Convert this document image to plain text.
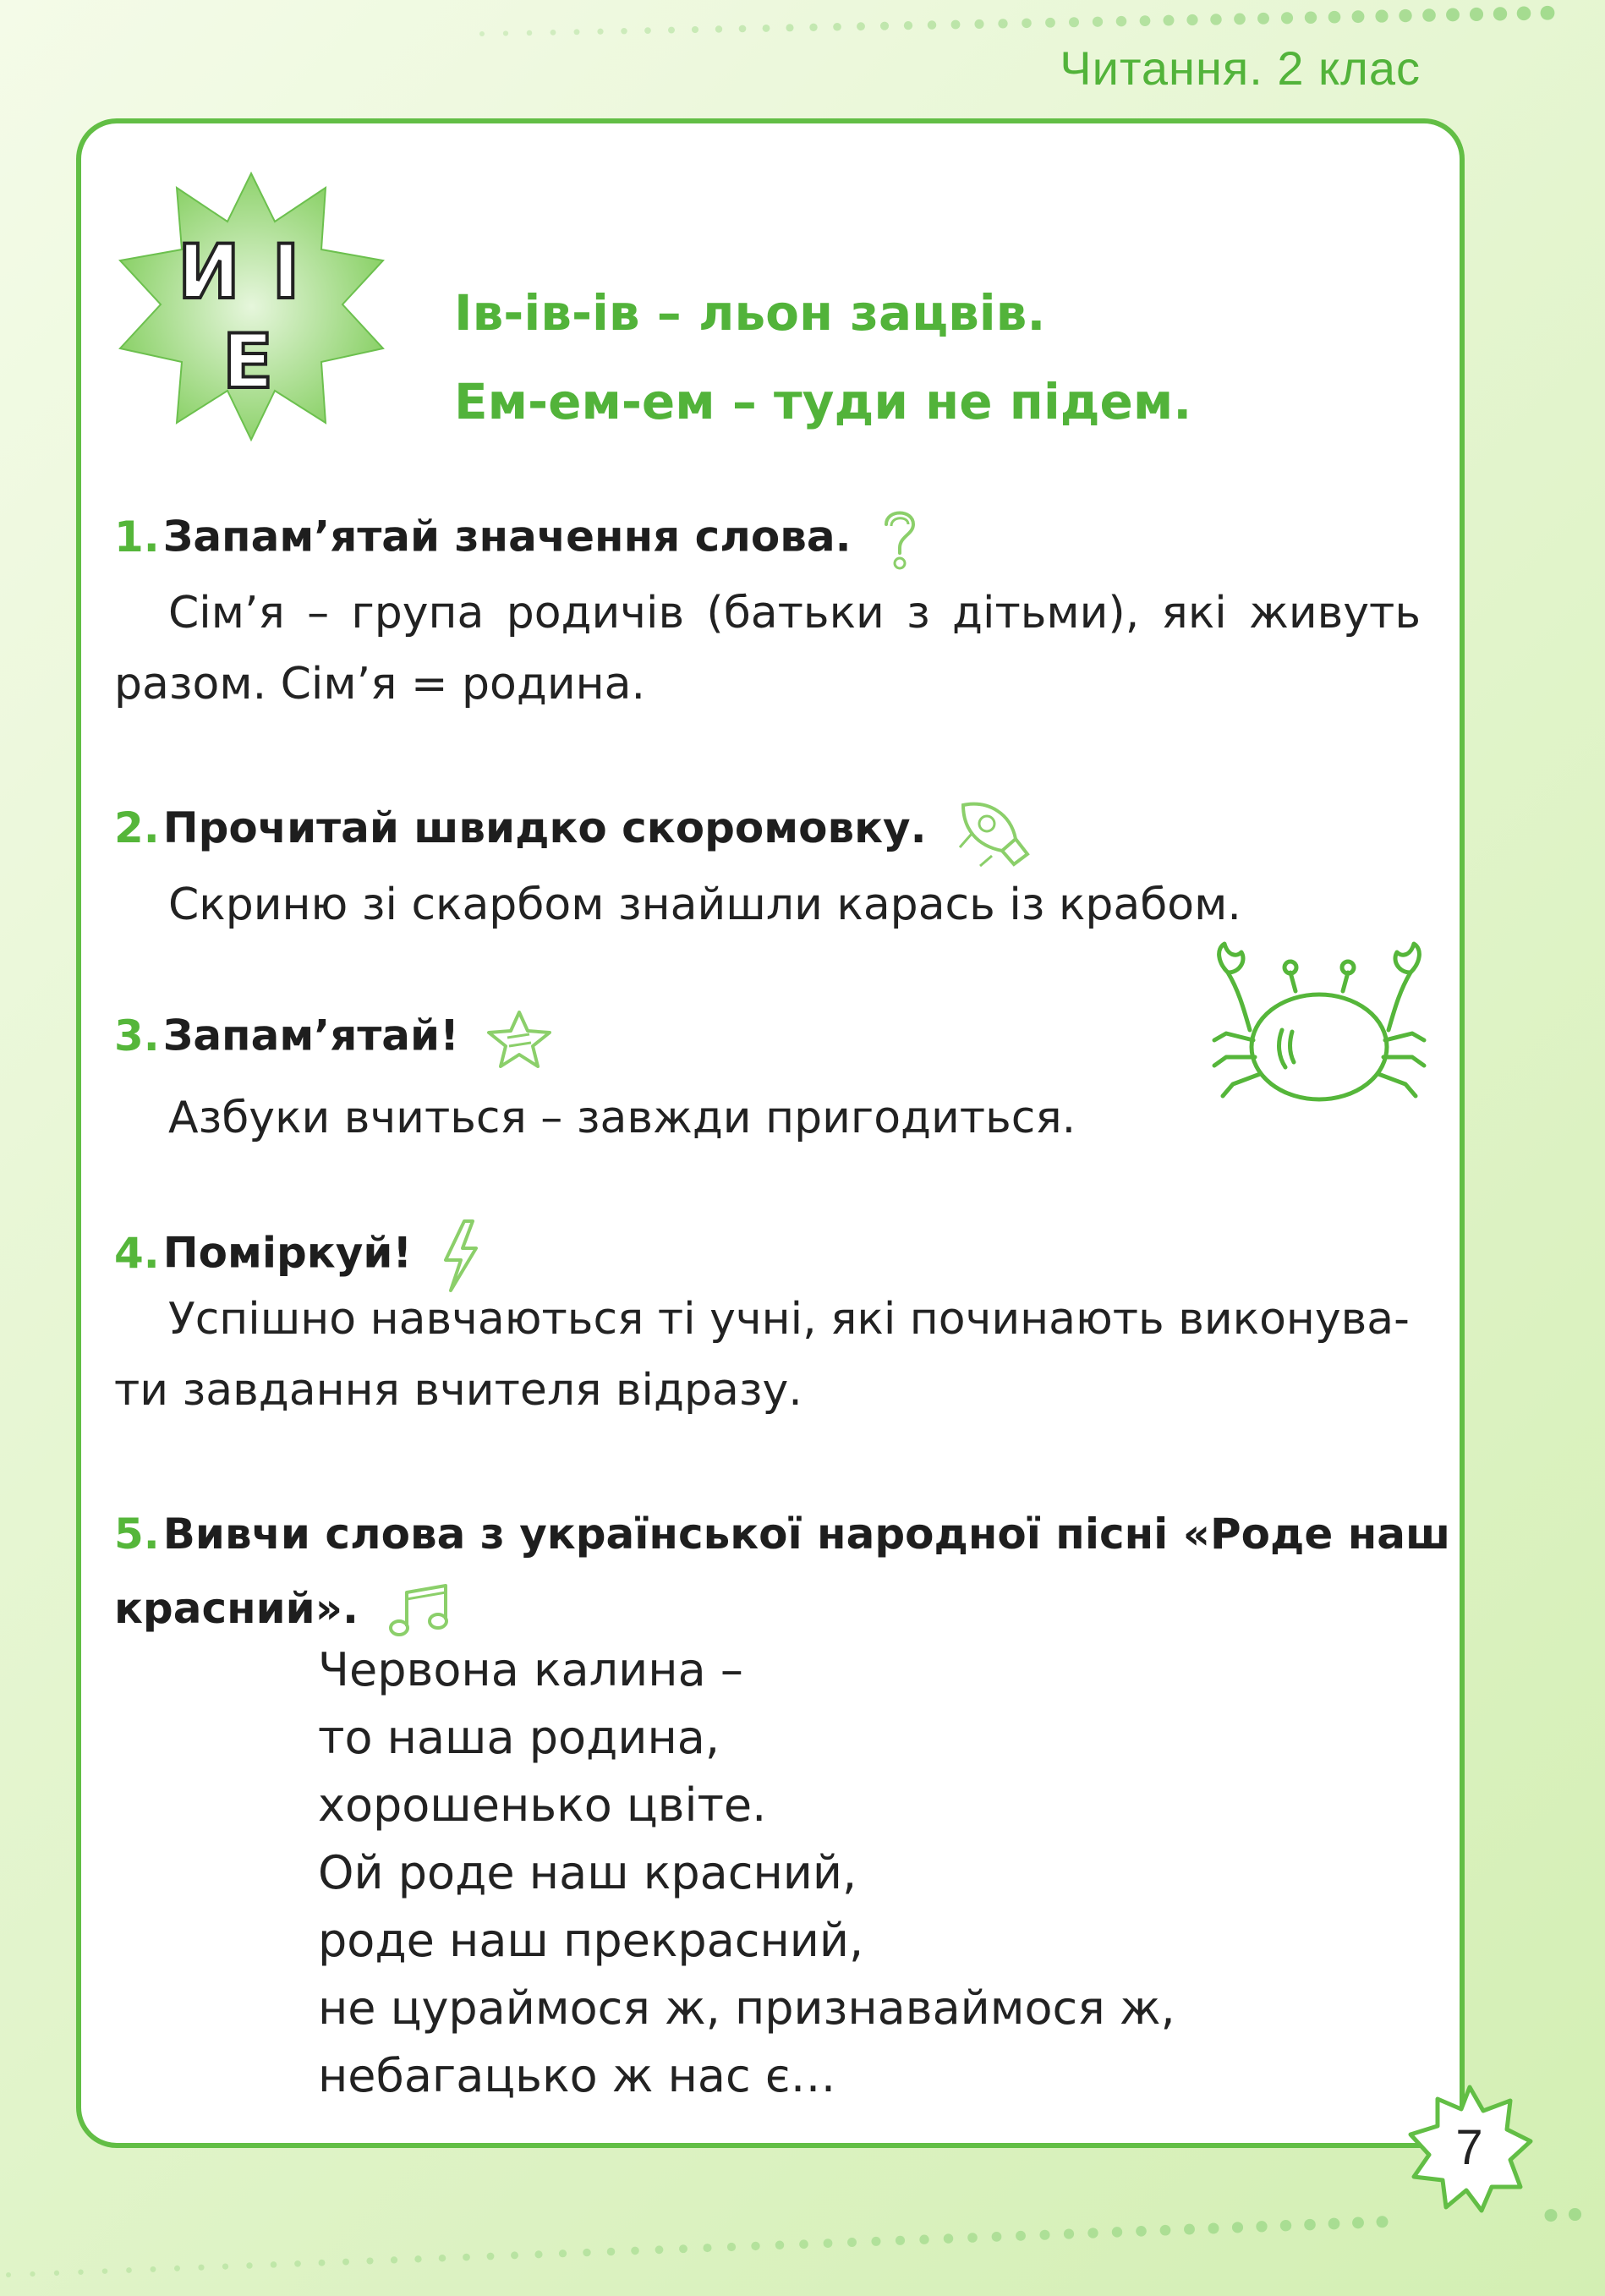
Читання. 2 клас
И І
Е
Ів-ів-ів – льон зацвів.
Ем-ем-ем – туди не підем.
1.Запам’ятай значення слова.
Сім’я – група родичів (батьки з дітьми), які живуть разом. Сім’я = родина.
2.Прочитай швидко скоромовку.
Скриню зі скарбом знайшли карась із крабом.
3.Запам’ятай!
Азбуки вчиться – завжди пригодиться.
4.Поміркуй!
Успішно навчаються ті учні, які починають виконува-
ти завдання вчителя відразу.
5.Вивчи слова з української народної пісні «Роде наш
красний».
Червона калина –
то наша родина,
хорошенько цвіте.
Ой роде наш красний,
роде наш прекрасний,
не цураймося ж, признаваймося ж,
небагацько ж нас є…
7
